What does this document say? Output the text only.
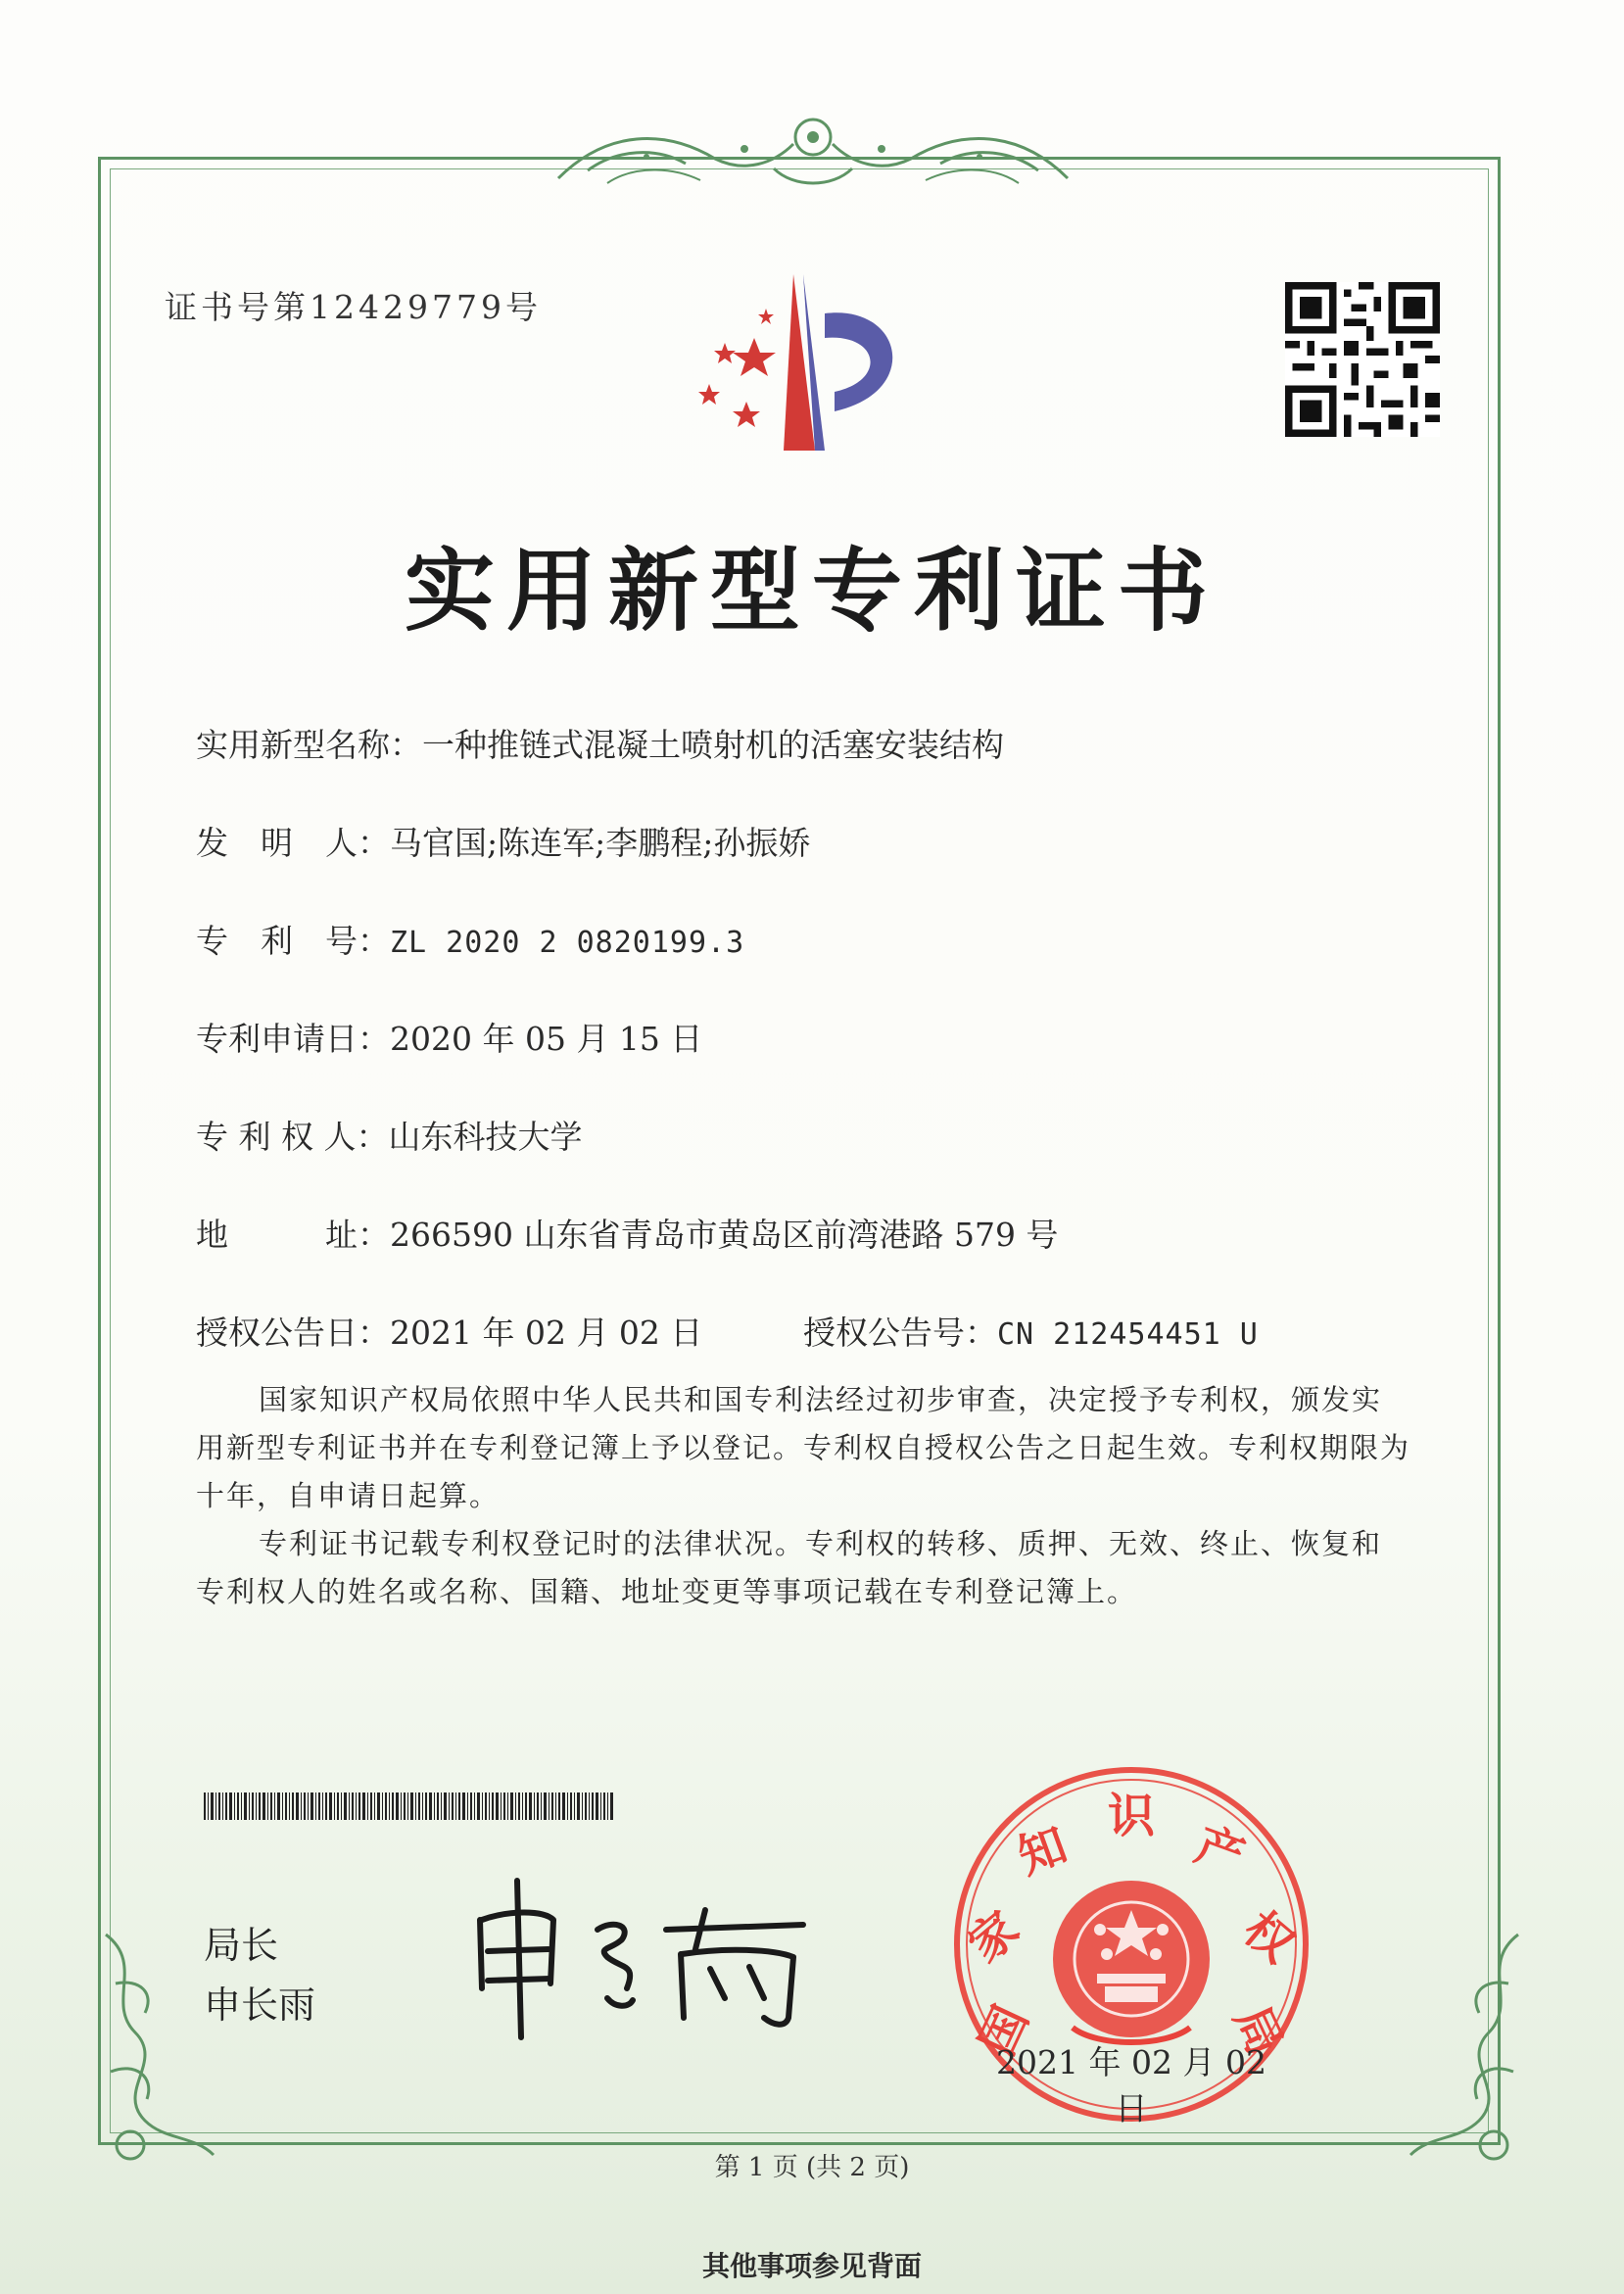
证书号第12429779号
实用新型专利证书
实用新型名称：一种推链式混凝土喷射机的活塞安装结构
发　明　人：马官国;陈连军;李鹏程;孙振娇
专　利　号：ZL 2020 2 0820199.3
专利申请日：2020 年 05 月 15 日
专 利 权 人：山东科技大学
地　　　址：266590 山东省青岛市黄岛区前湾港路 579 号
授权公告日：2021 年 02 月 02 日	授权公告号：CN 212454451 U
国家知识产权局依照中华人民共和国专利法经过初步审查，决定授予专利权，颁发实用新型专利证书并在专利登记簿上予以登记。专利权自授权公告之日起生效。专利权期限为十年，自申请日起算。
专利证书记载专利权登记时的法律状况。专利权的转移、质押、无效、终止、恢复和专利权人的姓名或名称、国籍、地址变更等事项记载在专利登记簿上。
局长
申长雨	国
家
知
识
产
权
局
2021 年 02 月 02 日
第 1 页 (共 2 页)
其他事项参见背面
